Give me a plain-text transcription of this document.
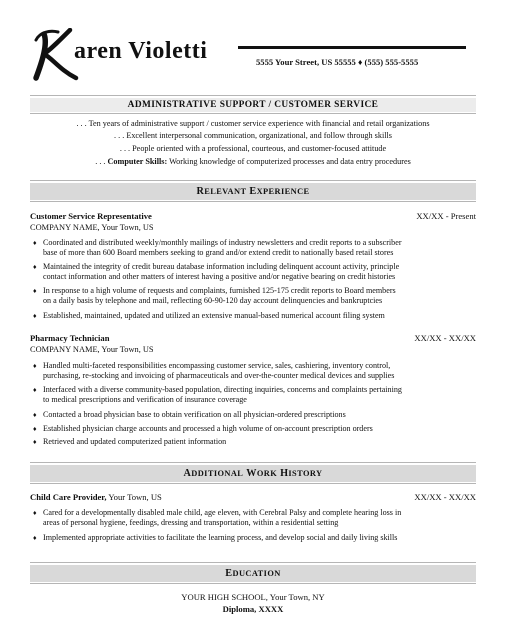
aren Violetti	5555 Your Street, US 55555 ♦ (555) 555-5555
ADMINISTRATIVE SUPPORT / CUSTOMER SERVICE
. . . Ten years of administrative support / customer service experience with financial and retail organizations
. . . Excellent interpersonal communication, organizational, and follow through skills
. . . People oriented with a professional, courteous, and customer-focused attitude
. . . Computer Skills: Working knowledge of computerized processes and data entry procedures
RELEVANT EXPERIENCE
Customer Service Representative	XX/XX - Present
COMPANY NAME, Your Town, US
♦ Coordinated and distributed weekly/monthly mailings of industry newsletters and credit reports to a subscriber
base of more than 600 Board members seeking to grand and/or extend credit to nationally based retail stores
♦ Maintained the integrity of credit bureau database information including delinquent account activity, principle
contact information and other matters of interest having a positive and/or negative bearing on credit histories
♦ In response to a high volume of requests and complaints, furnished 125-175 credit reports to Board members
on a daily basis by telephone and mail, reflecting 60-90-120 day account delinquencies and bankruptcies
♦ Established, maintained, updated and utilized an extensive manual-based numerical account filing system
Pharmacy Technician	XX/XX - XX/XX
COMPANY NAME, Your Town, US
♦ Handled multi-faceted responsibilities encompassing customer service, sales, cashiering, inventory control,
purchasing, re-stocking and invoicing of pharmaceuticals and over-the-counter medical devices and supplies
♦ Interfaced with a diverse community-based population, directing inquiries, concerns and complaints pertaining
to medical prescriptions and verification of insurance coverage
♦ Contacted a broad physician base to obtain verification on all physician-ordered prescriptions
♦ Established physician charge accounts and processed a high volume of on-account prescription orders
♦ Retrieved and updated computerized patient information
ADDITIONAL WORK HISTORY
Child Care Provider, Your Town, US	XX/XX - XX/XX
♦ Cared for a developmentally disabled male child, age eleven, with Cerebral Palsy and complete hearing loss in
areas of personal hygiene, feedings, dressing and transportation, within a residential setting
♦ Implemented appropriate activities to facilitate the learning process, and develop social and daily living skills
EDUCATION
YOUR HIGH SCHOOL, Your Town, NY
Diploma, XXXX
